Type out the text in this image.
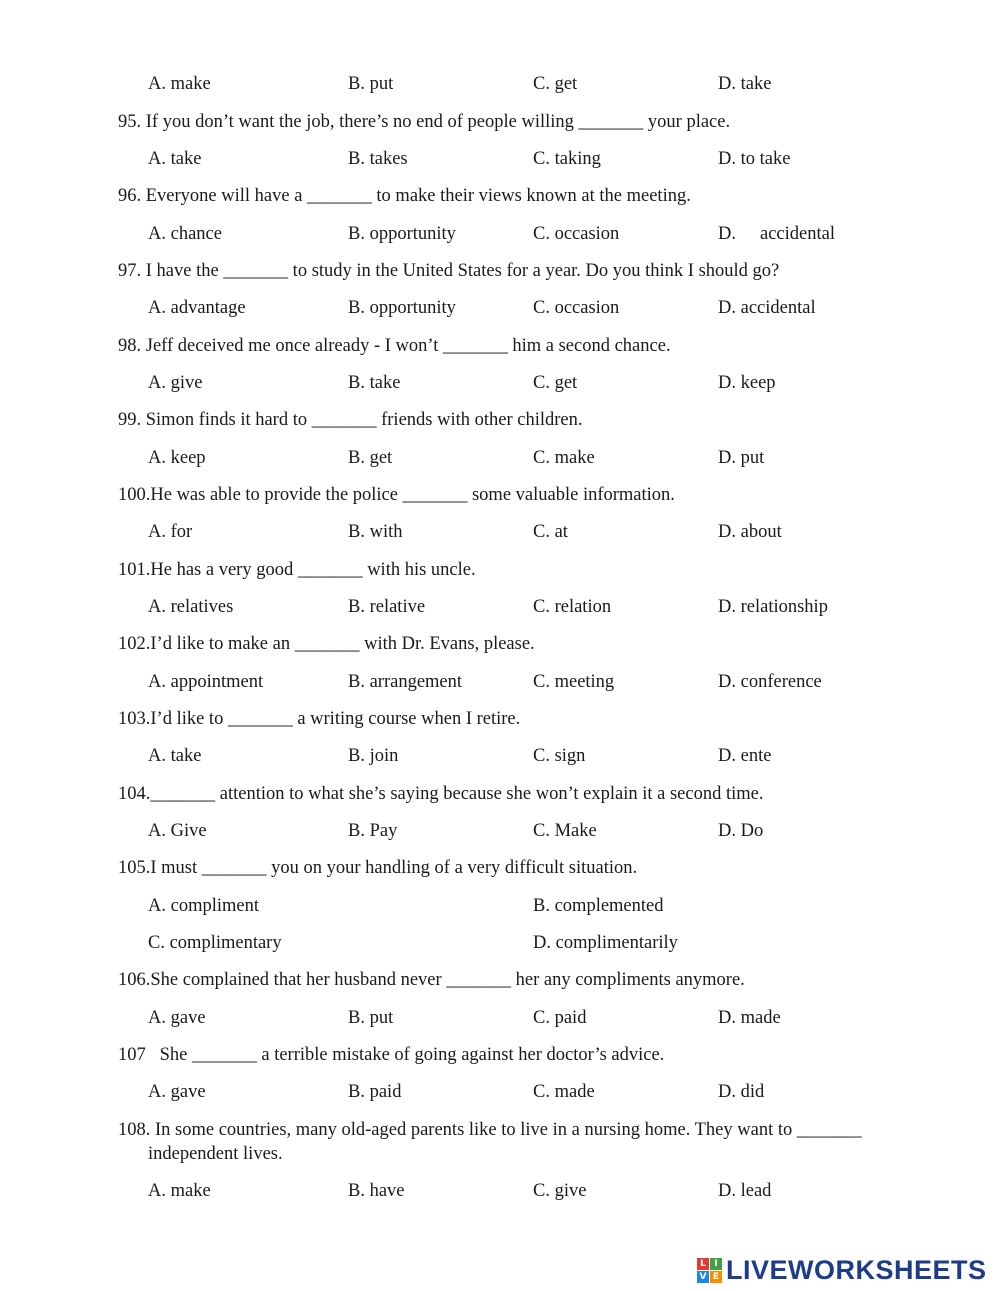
A. make	B. put	C. get	D. take
95. If you don’t want the job, there’s no end of people willing _______ your place.
A. take	B. takes	C. taking	D. to take
96. Everyone will have a _______ to make their views known at the meeting.
A. chance	B. opportunity	C. occasion	D. accidental
97. I have the _______ to study in the United States for a year. Do you think I should go?
A. advantage	B. opportunity	C. occasion	D. accidental
98. Jeff deceived me once already - I won’t _______ him a second chance.
A. give	B. take	C. get	D. keep
99. Simon finds it hard to _______ friends with other children.
A. keep	B. get	C. make	D. put
100.He was able to provide the police _______ some valuable information.
A. for	B. with	C. at	D. about
101.He has a very good _______ with his uncle.
A. relatives	B. relative	C. relation	D. relationship
102.I’d like to make an _______ with Dr. Evans, please.
A. appointment	B. arrangement	C. meeting	D. conference
103.I’d like to _______ a writing course when I retire.
A. take	B. join	C. sign	D. ente
104._______ attention to what she’s saying because she won’t explain it a second time.
A. Give	B. Pay	C. Make	D. Do
105.I must _______ you on your handling of a very difficult situation.
A. compliment	B. complemented
C. complimentary	D. complimentarily
106.She complained that her husband never _______ her any compliments anymore.
A. gave	B. put	C. paid	D. made
107   She _______ a terrible mistake of going against her doctor’s advice.
A. gave	B. paid	C. made	D. did
108. In some countries, many old-aged parents like to live in a nursing home. They want to _______
independent lives.
A. make	B. have	C. give	D. lead
L I
V E LIVEWORKSHEETS
